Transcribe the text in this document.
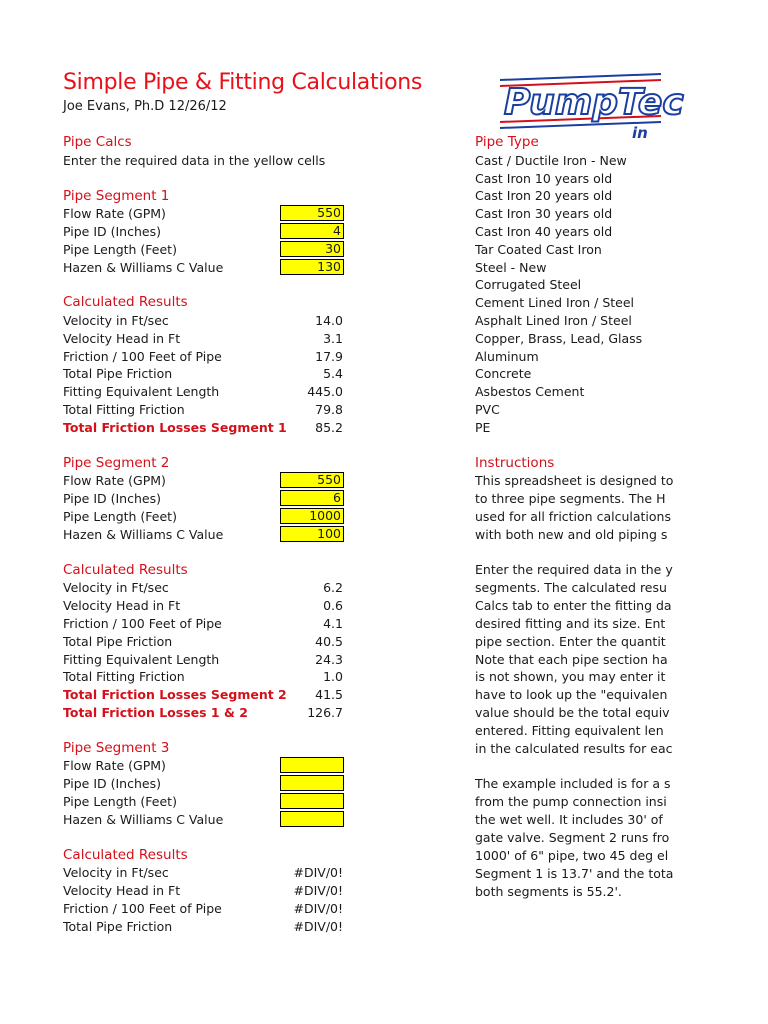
Simple Pipe & Fitting Calculations
Joe Evans, Ph.D 12/26/12	PumpTec
in
Pipe Calcs
Enter the required data in the yellow cells
Pipe Segment 1
Flow Rate (GPM)	550
Pipe ID (Inches)	4
Pipe Length (Feet)	30
Hazen & Williams C Value	130
Calculated Results
Velocity in Ft/sec	14.0
Velocity Head in Ft	3.1
Friction / 100 Feet of Pipe	17.9
Total Pipe Friction	5.4
Fitting Equivalent Length	445.0
Total Fitting Friction	79.8
Total Friction Losses Segment 1	85.2
Pipe Segment 2
Flow Rate (GPM)	550
Pipe ID (Inches)	6
Pipe Length (Feet)	1000
Hazen & Williams C Value	100
Calculated Results
Velocity in Ft/sec	6.2
Velocity Head in Ft	0.6
Friction / 100 Feet of Pipe	4.1
Total Pipe Friction	40.5
Fitting Equivalent Length	24.3
Total Fitting Friction	1.0
Total Friction Losses Segment 2	41.5
Total Friction Losses 1 & 2	126.7
Pipe Segment 3
Flow Rate (GPM)
Pipe ID (Inches)
Pipe Length (Feet)
Hazen & Williams C Value
Calculated Results
Velocity in Ft/sec	#DIV/0!
Velocity Head in Ft	#DIV/0!
Friction / 100 Feet of Pipe	#DIV/0!
Total Pipe Friction	#DIV/0!
Pipe Type
Cast / Ductile Iron - New
Cast Iron 10 years old
Cast Iron 20 years old
Cast Iron 30 years old
Cast Iron 40 years old
Tar Coated Cast Iron
Steel - New
Corrugated Steel
Cement Lined Iron / Steel
Asphalt Lined Iron / Steel
Copper, Brass, Lead, Glass
Aluminum
Concrete
Asbestos Cement
PVC
PE
Instructions
This spreadsheet is designed to
to three pipe segments. The H
used for all friction calculations
with both new and old piping s
Enter the required data in the y
segments. The calculated resu
Calcs tab to enter the fitting da
desired fitting and its size. Ent
pipe section. Enter the quantit
Note that each pipe section ha
is not shown, you may enter it
have to look up the "equivalen
value should be the total equiv
entered. Fitting equivalent len
in the calculated results for eac
The example included is for a s
from the pump connection insi
the wet well. It includes 30' of
gate valve. Segment 2 runs fro
1000' of 6" pipe, two 45 deg el
Segment 1 is 13.7' and the tota
both segments is 55.2'.
